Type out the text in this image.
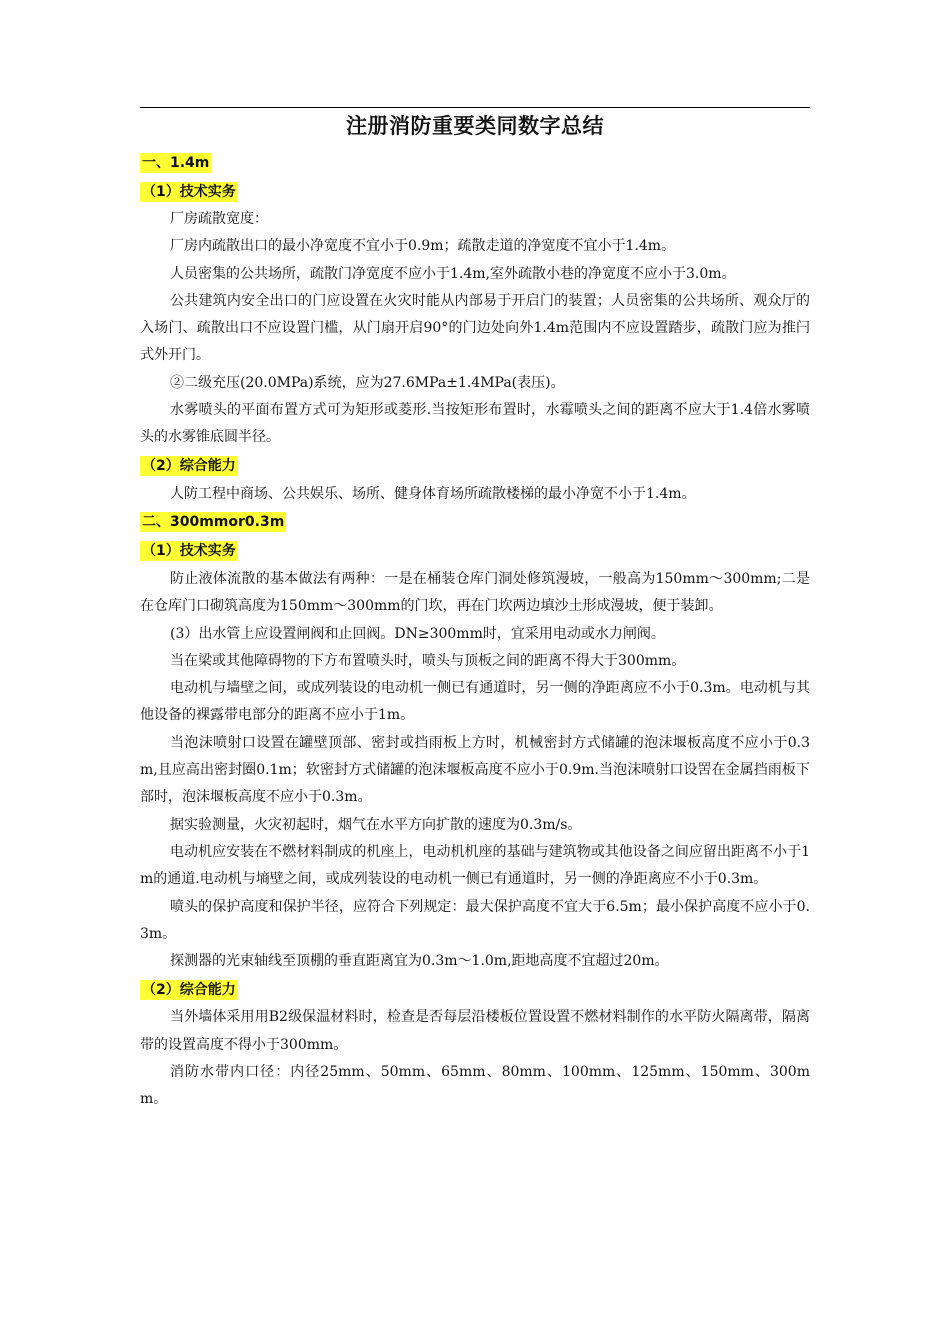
注册消防重要类同数字总结
一、1.4m
（1）技术实务

厂房疏散宽度：

厂房内疏散出口的最小净宽度不宜小于0.9m；疏散走道的净宽度不宜小于1.4m。

人员密集的公共场所，疏散门净宽度不应小于1.4m,室外疏散小巷的净宽度不应小于3.0m。

公共建筑内安全出口的门应设置在火灾时能从内部易于开启门的装置；人员密集的公共场所、观众厅的入场门、疏散出口不应设置门槛，从门扇开启90°的门边处向外1.4m范围内不应设置踏步，疏散门应为推闩式外开门。

②二级充压(20.0MPa)系统，应为27.6MPa±1.4MPa(表压)。

水雾喷头的平面布置方式可为矩形或菱形.当按矩形布置时，水霉喷头之间的距离不应大于1.4倍水雾喷头的水雾锥底圆半径。

（2）综合能力

人防工程中商场、公共娱乐、场所、健身体育场所疏散楼梯的最小净宽不小于1.4m。

二、300mmor0.3m
（1）技术实务

防止液体流散的基本做法有两种：一是在桶装仓库门洞处修筑漫坡，一般高为150mm～300mm;二是在仓库门口砌筑高度为150mm～300mm的门坎，再在门坎两边填沙土形成漫坡，便于装卸。

(3）出水管上应设置闸阀和止回阀。DN≥300mm时，宜采用电动或水力闸阀。

当在梁或其他障碍物的下方布置喷头时，喷头与顶板之间的距离不得大于300mm。

电动机与墙壁之间，或成列装设的电动机一侧已有通道时，另一侧的净距离应不小于0.3m。电动机与其他设备的裸露带电部分的距离不应小于1m。

当泡沫喷射口设置在罐壁顶部、密封或挡雨板上方时，机械密封方式储罐的泡沫堰板高度不应小于0.3m,且应高出密封圈0.1m；软密封方式储罐的泡沫堰板高度不应小于0.9m.当泡沫喷射口设罟在金属挡雨板下部时，泡沫堰板高度不应小于0.3m。

据实验测量，火灾初起时，烟气在水平方向扩散的速度为0.3m/s。

电动机应安装在不燃材料制成的机座上，电动机机座的基础与建筑物或其他设备之间应留出距离不小于1m的通道.电动机与墒壁之间，或成列装设的电动机一侧已有通道时，另一侧的净距离应不小于0.3m。

喷头的保护高度和保护半径，应符合下列规定：最大保护高度不宜大于6.5m；最小保护高度不应小于0.3m。

探测器的光束轴线至顶棚的垂直距离宜为0.3m～1.0m,距地高度不宜超过20m。

（2）综合能力

当外墙体采用用B2级保温材料时，检查是否每层沿楼板位置设置不燃材料制作的水平防火隔离带，隔离带的设置高度不得小于300mm。

消防水带内口径：内径25mm、50mm、65mm、80mm、100mm、125mm、150mm、300mm。
